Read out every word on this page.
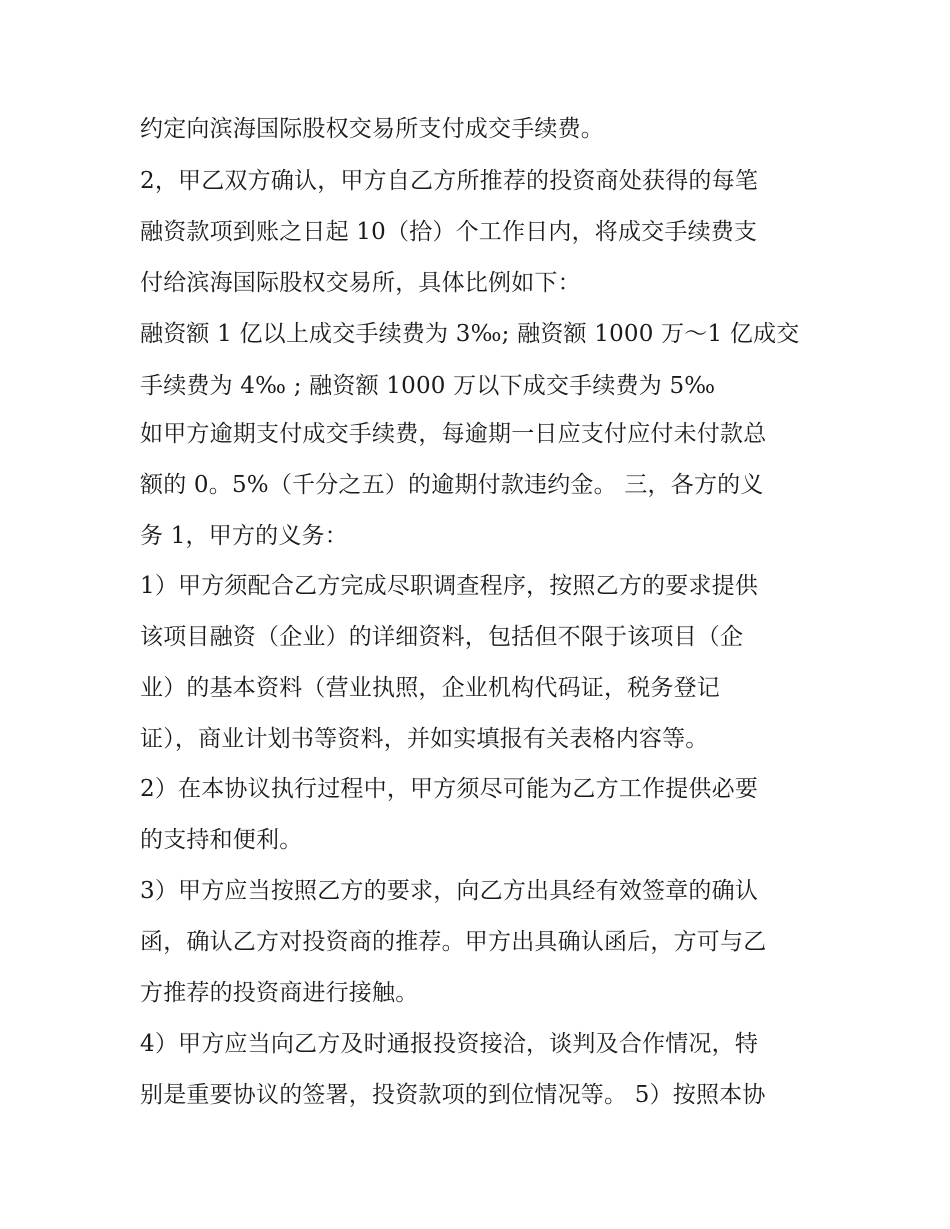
约定向滨海国际股权交易所支付成交手续费。
2，甲乙双方确认，甲方自乙方所推荐的投资商处获得的每笔
融资款项到账之日起 10（拾）个工作日内，将成交手续费支
付给滨海国际股权交易所，具体比例如下：
融资额 1 亿以上成交手续费为 3‰; 融资额 1000 万～1 亿成交
手续费为 4‰ ; 融资额 1000 万以下成交手续费为 5‰
如甲方逾期支付成交手续费，每逾期一日应支付应付未付款总
额的 0。5%（千分之五）的逾期付款违约金。 三，各方的义
务 1，甲方的义务：
1）甲方须配合乙方完成尽职调查程序，按照乙方的要求提供
该项目融资（企业）的详细资料，包括但不限于该项目（企
业）的基本资料（营业执照，企业机构代码证，税务登记
证），商业计划书等资料，并如实填报有关表格内容等。
2）在本协议执行过程中，甲方须尽可能为乙方工作提供必要
的支持和便利。
3）甲方应当按照乙方的要求，向乙方出具经有效签章的确认
函，确认乙方对投资商的推荐。甲方出具确认函后，方可与乙
方推荐的投资商进行接触。
4）甲方应当向乙方及时通报投资接洽，谈判及合作情况，特
别是重要协议的签署，投资款项的到位情况等。 5）按照本协
